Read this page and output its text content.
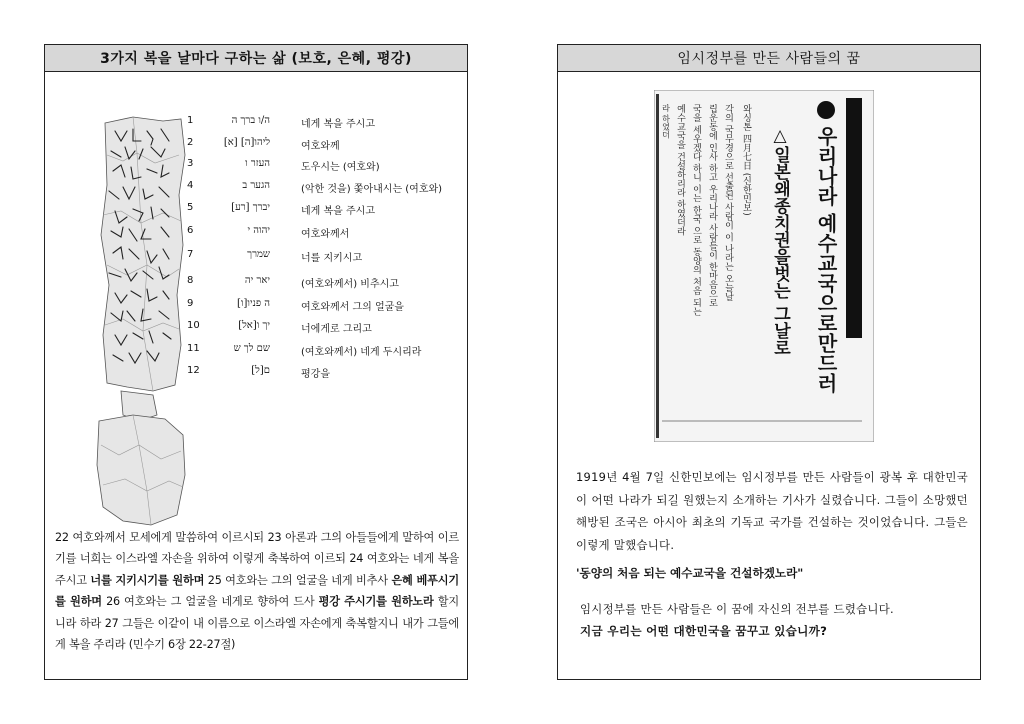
3가지 복을 날마다 구하는 삶 (보호, 은혜, 평강)
1	ה/ו ברך ה	네게 복을 주시고
2	[א] ליהו[ה]	여호와께
3	העזר ו	도우시는 (여호와)
4	הגער ב	(악한 것을) 쫓아내시는 (여호와)
5	[רע] יברך	네게 복을 주시고
6	יהוה י	여호와께서
7	שמרך	너를 지키시고
8	יאר יה	(여호와께서) 비추시고
9	[ו]ה פניו	여호와께서 그의 얼굴을
10	[אל]יך ו	너에게로 그리고
11	שם לך ש	(여호와께서) 네게 두시리라
12	[ל]ם	평강을

22 여호와께서 모세에게 말씀하여 이르시되 23 아론과 그의 아들들에게 말하여 이르기를 너희는 이스라엘 자손을 위하여 이렇게 축복하여 이르되 24 여호와는 네게 복을 주시고 너를 지키시기를 원하며 25 여호와는 그의 얼굴을 네게 비추사 은혜 베푸시기를 원하며 26 여호와는 그 얼굴을 네게로 향하여 드사 평강 주시기를 원하노라 할지니라 하라 27 그들은 이같이 내 이름으로 이스라엘 자손에게 축복할지니 내가 그들에게 복을 주리라 (민수기 6장 22-27절)

임시정부를 만든 사람들의 꿈
우리나라 예수교국으로만드러
△일본왜종치권을벗는 그날로
와싱톤 四月七日 (신한민보)
각의 국무경으로 선출된 사람이 이 나라는 오늘날
립운동에 인사 하고 우리나라 사람들이 한마음으로
국을 세우겠다 하니 이는 한국 으로 동양의 처음 되는
예수교국을 건설하리라 하였더라
라 하였더

1919년 4월 7일 신한민보에는 임시정부를 만든 사람들이 광복 후 대한민국이 어떤 나라가 되길 원했는지 소개하는 기사가 실렸습니다. 그들이 소망했던 해방된 조국은 아시아 최초의 기독교 국가를 건설하는 것이었습니다. 그들은 이렇게 말했습니다.

'동양의 처음 되는 예수교국을 건설하겠노라"

임시정부를 만든 사람들은 이 꿈에 자신의 전부를 드렸습니다.

지금 우리는 어떤 대한민국을 꿈꾸고 있습니까?
